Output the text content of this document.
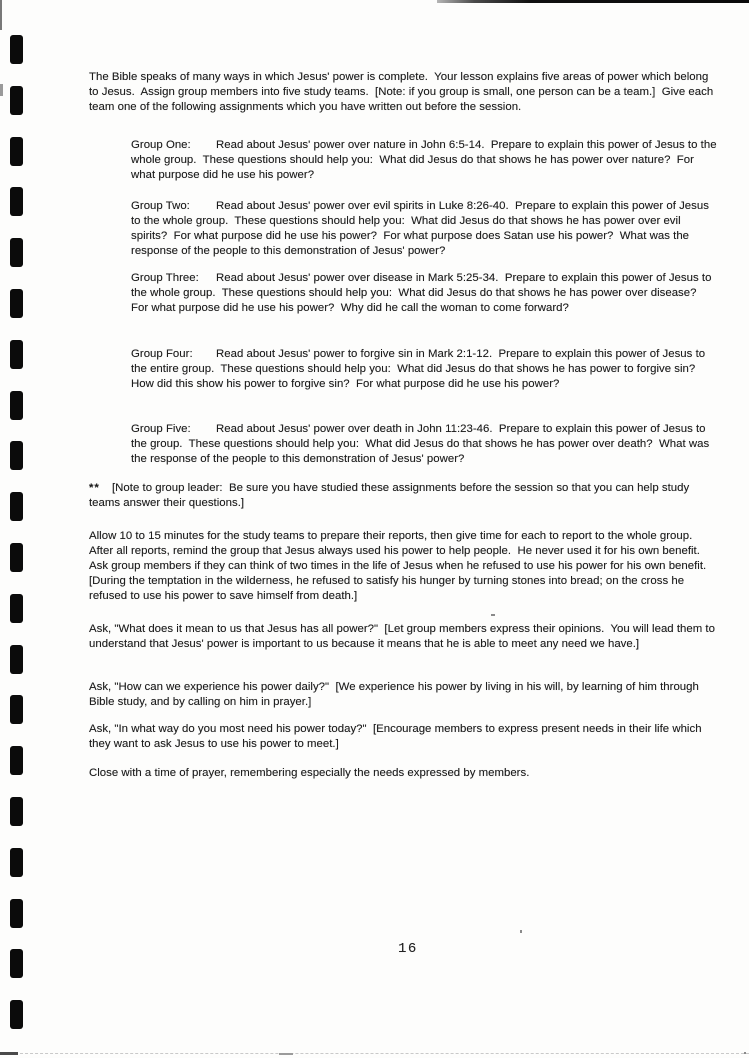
The Bible speaks of many ways in which Jesus' power is complete.  Your lesson explains five areas of power which belong to Jesus.  Assign group members into five study teams.  [Note: if you group is small, one person can be a team.]  Give each team one of the following assignments which you have written out before the session.
Group One: Read about Jesus' power over nature in John 6:5-14.  Prepare to explain this power of Jesus to the whole group.  These questions should help you:  What did Jesus do that shows he has power over nature?  For what purpose did he use his power?
Group Two: Read about Jesus' power over evil spirits in Luke 8:26-40.  Prepare to explain this power of Jesus to the whole group.  These questions should help you:  What did Jesus do that shows he has power over evil spirits?  For what purpose did he use his power?  For what purpose does Satan use his power?  What was the response of the people to this demonstration of Jesus' power?
Group Three: Read about Jesus' power over disease in Mark 5:25-34.  Prepare to explain this power of Jesus to the whole group.  These questions should help you:  What did Jesus do that shows he has power over disease?  For what purpose did he use his power?  Why did he call the woman to come forward?
Group Four: Read about Jesus' power to forgive sin in Mark 2:1-12.  Prepare to explain this power of Jesus to the entire group.  These questions should help you:  What did Jesus do that shows he has power to forgive sin?  How did this show his power to forgive sin?  For what purpose did he use his power?
Group Five: Read about Jesus' power over death in John 11:23-46.  Prepare to explain this power of Jesus to the group.  These questions should help you:  What did Jesus do that shows he has power over death?  What was the response of the people to this demonstration of Jesus' power?
** [Note to group leader:  Be sure you have studied these assignments before the session so that you can help study teams answer their questions.]
Allow 10 to 15 minutes for the study teams to prepare their reports, then give time for each to report to the whole group.  After all reports, remind the group that Jesus always used his power to help people.  He never used it for his own benefit.  Ask group members if they can think of two times in the life of Jesus when he refused to use his power for his own benefit.  [During the temptation in the wilderness, he refused to satisfy his hunger by turning stones into bread; on the cross he refused to use his power to save himself from death.]
Ask, "What does it mean to us that Jesus has all power?"  [Let group members express their opinions.  You will lead them to understand that Jesus' power is important to us because it means that he is able to meet any need we have.]
Ask, "How can we experience his power daily?"  [We experience his power by living in his will, by learning of him through Bible study, and by calling on him in prayer.]
Ask, "In what way do you most need his power today?"  [Encourage members to express present needs in their life which they want to ask Jesus to use his power to meet.]
Close with a time of prayer, remembering especially the needs expressed by members.
16
